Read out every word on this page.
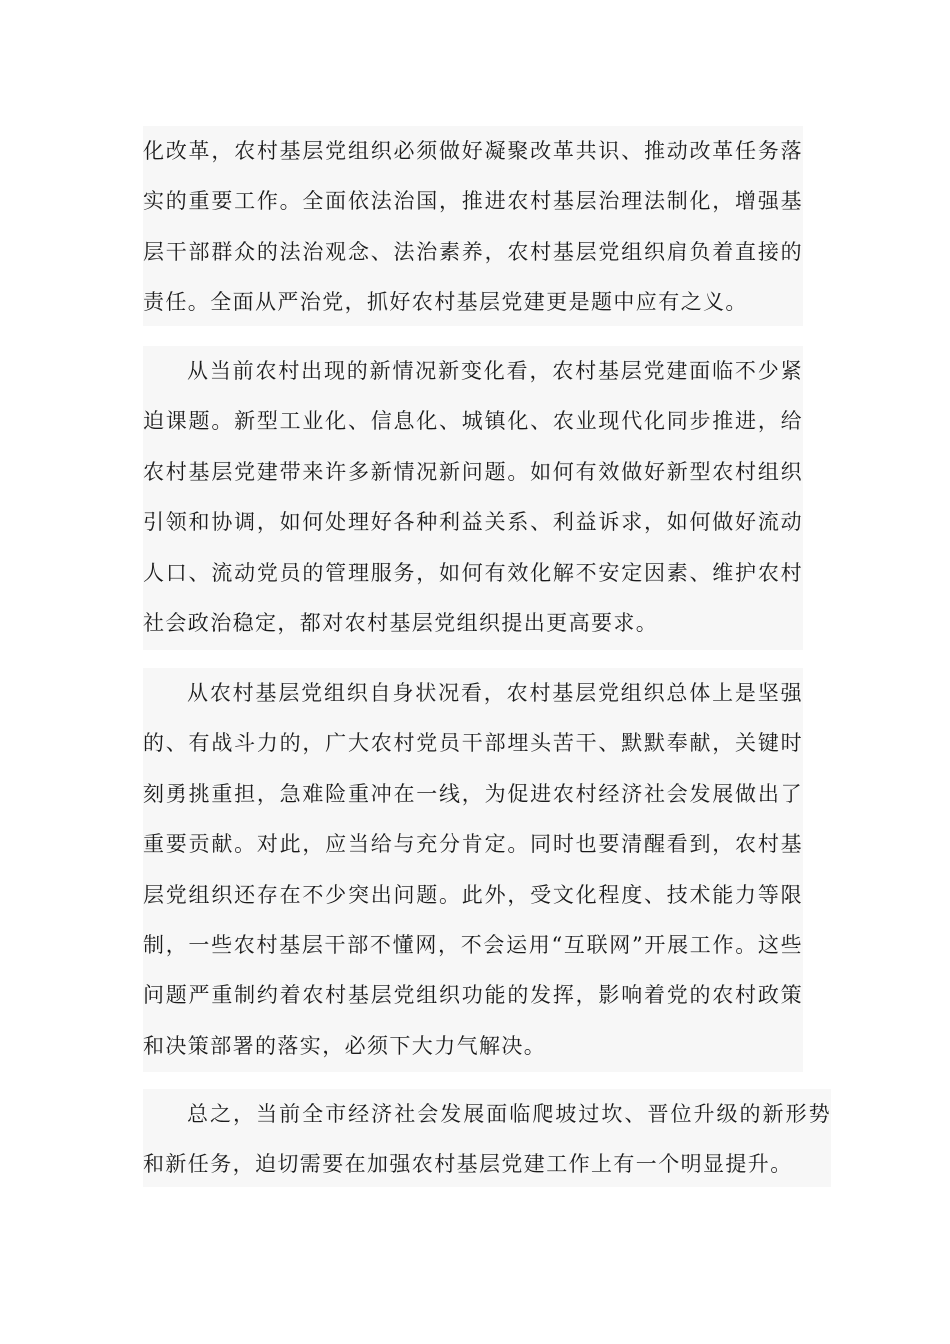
化改革，农村基层党组织必须做好凝聚改革共识、推动改革任务落实的重要工作。全面依法治国，推进农村基层治理法制化，增强基层干部群众的法治观念、法治素养，农村基层党组织肩负着直接的责任。全面从严治党，抓好农村基层党建更是题中应有之义。

从当前农村出现的新情况新变化看，农村基层党建面临不少紧迫课题。新型工业化、信息化、城镇化、农业现代化同步推进，给农村基层党建带来许多新情况新问题。如何有效做好新型农村组织引领和协调，如何处理好各种利益关系、利益诉求，如何做好流动人口、流动党员的管理服务，如何有效化解不安定因素、维护农村社会政治稳定，都对农村基层党组织提出更高要求。

从农村基层党组织自身状况看，农村基层党组织总体上是坚强的、有战斗力的，广大农村党员干部埋头苦干、默默奉献，关键时刻勇挑重担，急难险重冲在一线，为促进农村经济社会发展做出了重要贡献。对此，应当给与充分肯定。同时也要清醒看到，农村基层党组织还存在不少突出问题。此外，受文化程度、技术能力等限制，一些农村基层干部不懂网，不会运用“互联网”开展工作。这些问题严重制约着农村基层党组织功能的发挥，影响着党的农村政策和决策部署的落实，必须下大力气解决。

总之，当前全市经济社会发展面临爬坡过坎、晋位升级的新形势和新任务，迫切需要在加强农村基层党建工作上有一个明显提升。
